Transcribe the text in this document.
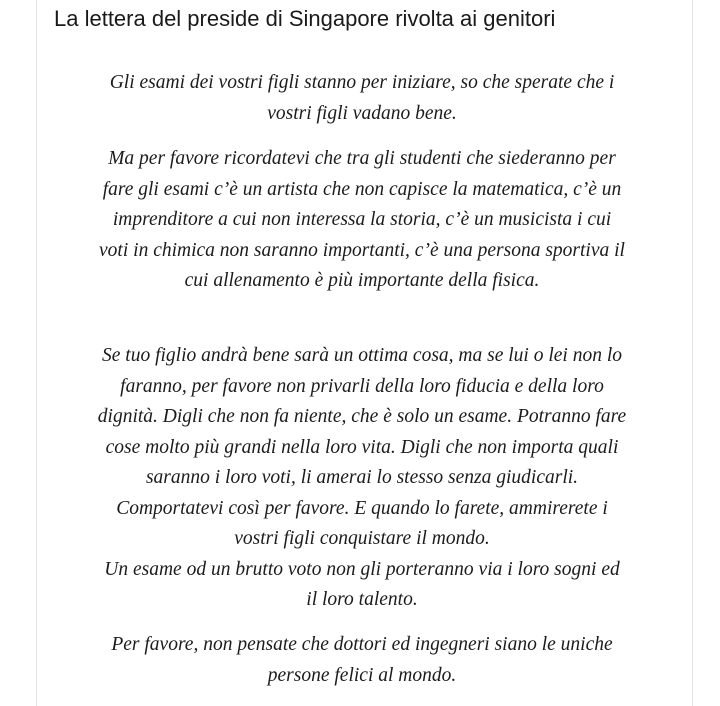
La lettera del preside di Singapore rivolta ai genitori

Gli esami dei vostri figli stanno per iniziare, so che sperate che i

vostri figli vadano bene.

Ma per favore ricordatevi che tra gli studenti che siederanno per

fare gli esami c’è un artista che non capisce la matematica, c’è un

imprenditore a cui non interessa la storia, c’è un musicista i cui

voti in chimica non saranno importanti, c’è una persona sportiva il

cui allenamento è più importante della fisica.

Se tuo figlio andrà bene sarà un ottima cosa, ma se lui o lei non lo

faranno, per favore non privarli della loro fiducia e della loro

dignità. Digli che non fa niente, che è solo un esame. Potranno fare

cose molto più grandi nella loro vita. Digli che non importa quali

saranno i loro voti, li amerai lo stesso senza giudicarli.

Comportatevi così per favore. E quando lo farete, ammirerete i

vostri figli conquistare il mondo.

Un esame od un brutto voto non gli porteranno via i loro sogni ed

il loro talento.

Per favore, non pensate che dottori ed ingegneri siano le uniche

persone felici al mondo.
